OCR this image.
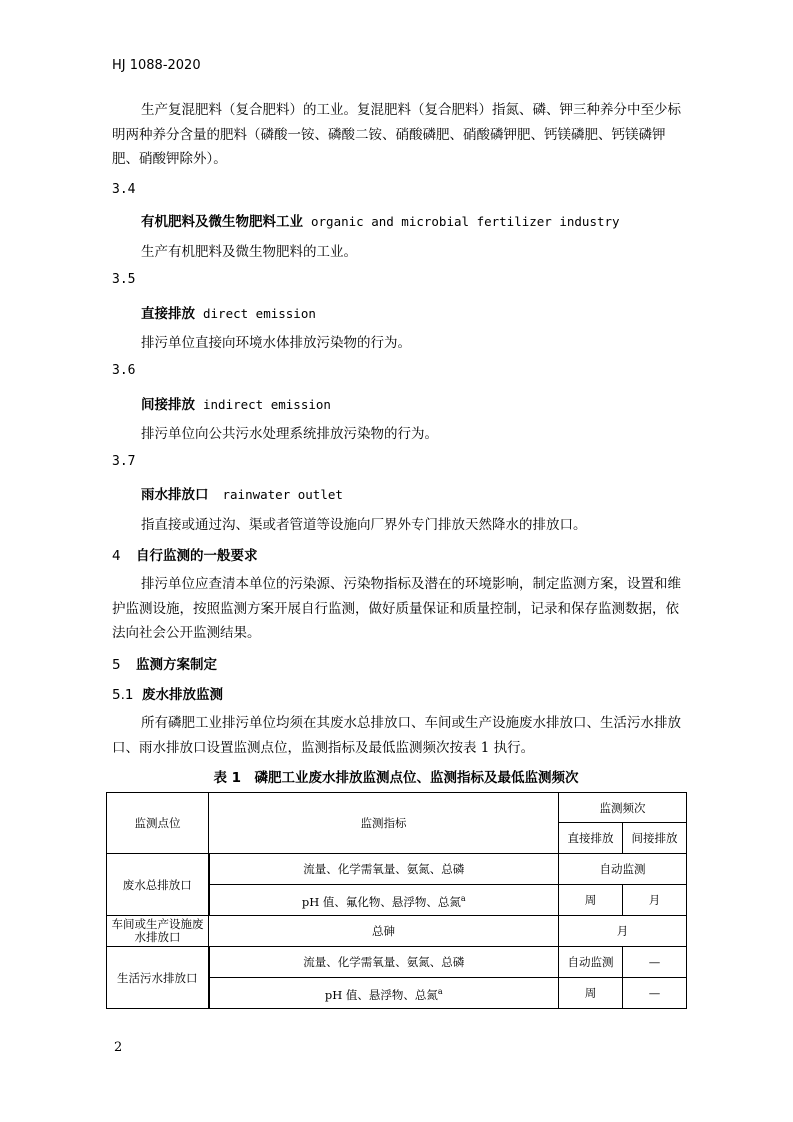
HJ 1088-2020
生产复混肥料（复合肥料）的工业。复混肥料（复合肥料）指氮、磷、钾三种养分中至少标明两种养分含量的肥料（磷酸一铵、磷酸二铵、硝酸磷肥、硝酸磷钾肥、钙镁磷肥、钙镁磷钾肥、硝酸钾除外）。
3.4
有机肥料及微生物肥料工业 organic and microbial fertilizer industry
生产有机肥料及微生物肥料的工业。
3.5
直接排放 direct emission
排污单位直接向环境水体排放污染物的行为。
3.6
间接排放 indirect emission
排污单位向公共污水处理系统排放污染物的行为。
3.7
雨水排放口 rainwater outlet
指直接或通过沟、渠或者管道等设施向厂界外专门排放天然降水的排放口。
4 自行监测的一般要求
排污单位应查清本单位的污染源、污染物指标及潜在的环境影响，制定监测方案，设置和维护监测设施，按照监测方案开展自行监测，做好质量保证和质量控制，记录和保存监测数据，依法向社会公开监测结果。
5 监测方案制定
5.1 废水排放监测
所有磷肥工业排污单位均须在其废水总排放口、车间或生产设施废水排放口、生活污水排放口、雨水排放口设置监测点位，监测指标及最低监测频次按表 1 执行。
表 1　磷肥工业废水排放监测点位、监测指标及最低监测频次
监测点位	监测指标	监测频次	
		直接排放	间接排放
废水总排放口	流量、化学需氧量、氨氮、总磷	自动监测	
	pH 值、氟化物、悬浮物、总氮$^a$	周	月
车间或生产设施废水排放口	总砷	月	
生活污水排放口	流量、化学需氧量、氨氮、总磷	自动监测	—
	pH 值、悬浮物、总氮$^a$	周	—
2
